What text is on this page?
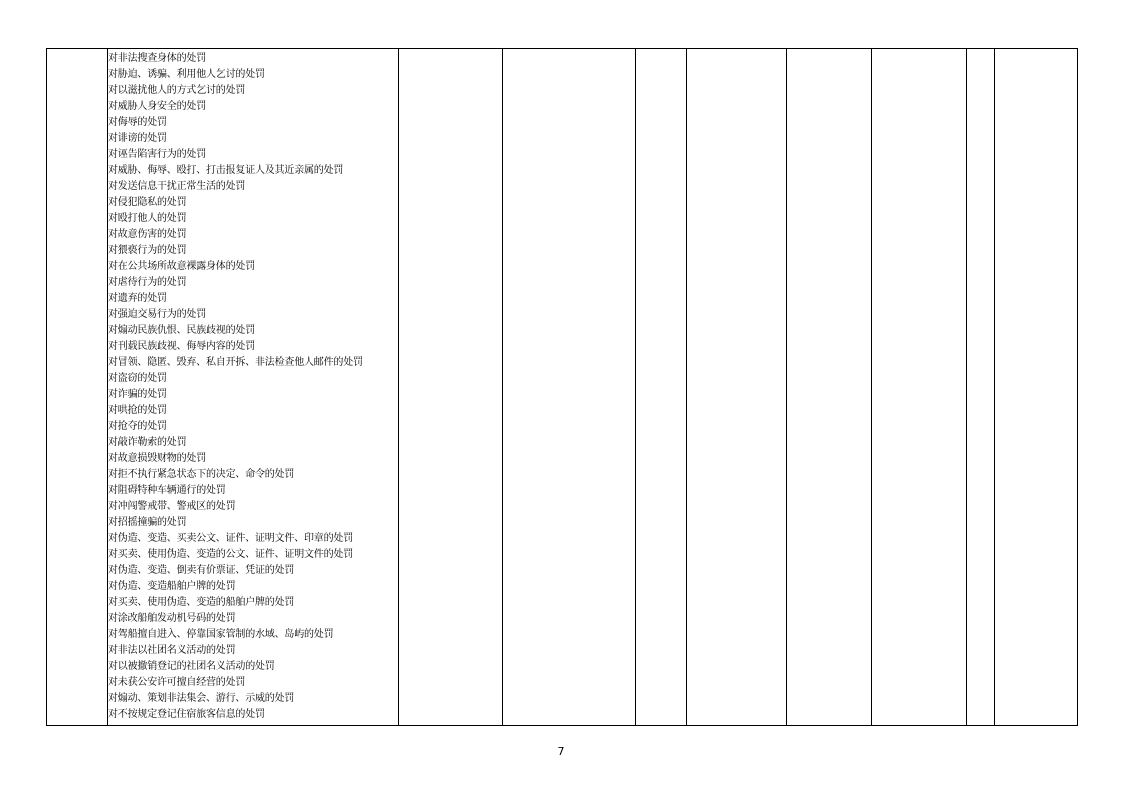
对非法搜查身体的处罚
对胁迫、诱骗、利用他人乞讨的处罚
对以滋扰他人的方式乞讨的处罚
对威胁人身安全的处罚
对侮辱的处罚
对诽谤的处罚
对诬告陷害行为的处罚
对威胁、侮辱、殴打、打击报复证人及其近亲属的处罚
对发送信息干扰正常生活的处罚
对侵犯隐私的处罚
对殴打他人的处罚
对故意伤害的处罚
对猥亵行为的处罚
对在公共场所故意裸露身体的处罚
对虐待行为的处罚
对遗弃的处罚
对强迫交易行为的处罚
对煽动民族仇恨、民族歧视的处罚
对刊载民族歧视、侮辱内容的处罚
对冒领、隐匿、毁弃、私自开拆、非法检查他人邮件的处罚
对盗窃的处罚
对诈骗的处罚
对哄抢的处罚
对抢夺的处罚
对敲诈勒索的处罚
对故意损毁财物的处罚
对拒不执行紧急状态下的决定、命令的处罚
对阻碍特种车辆通行的处罚
对冲闯警戒带、警戒区的处罚
对招摇撞骗的处罚
对伪造、变造、买卖公文、证件、证明文件、印章的处罚
对买卖、使用伪造、变造的公文、证件、证明文件的处罚
对伪造、变造、倒卖有价票证、凭证的处罚
对伪造、变造船舶户牌的处罚
对买卖、使用伪造、变造的船舶户牌的处罚
对涂改船舶发动机号码的处罚
对驾船擅自进入、停靠国家管制的水域、岛屿的处罚
对非法以社团名义活动的处罚
对以被撤销登记的社团名义活动的处罚
对未获公安许可擅自经营的处罚
对煽动、策划非法集会、游行、示威的处罚
对不按规定登记住宿旅客信息的处罚

7
